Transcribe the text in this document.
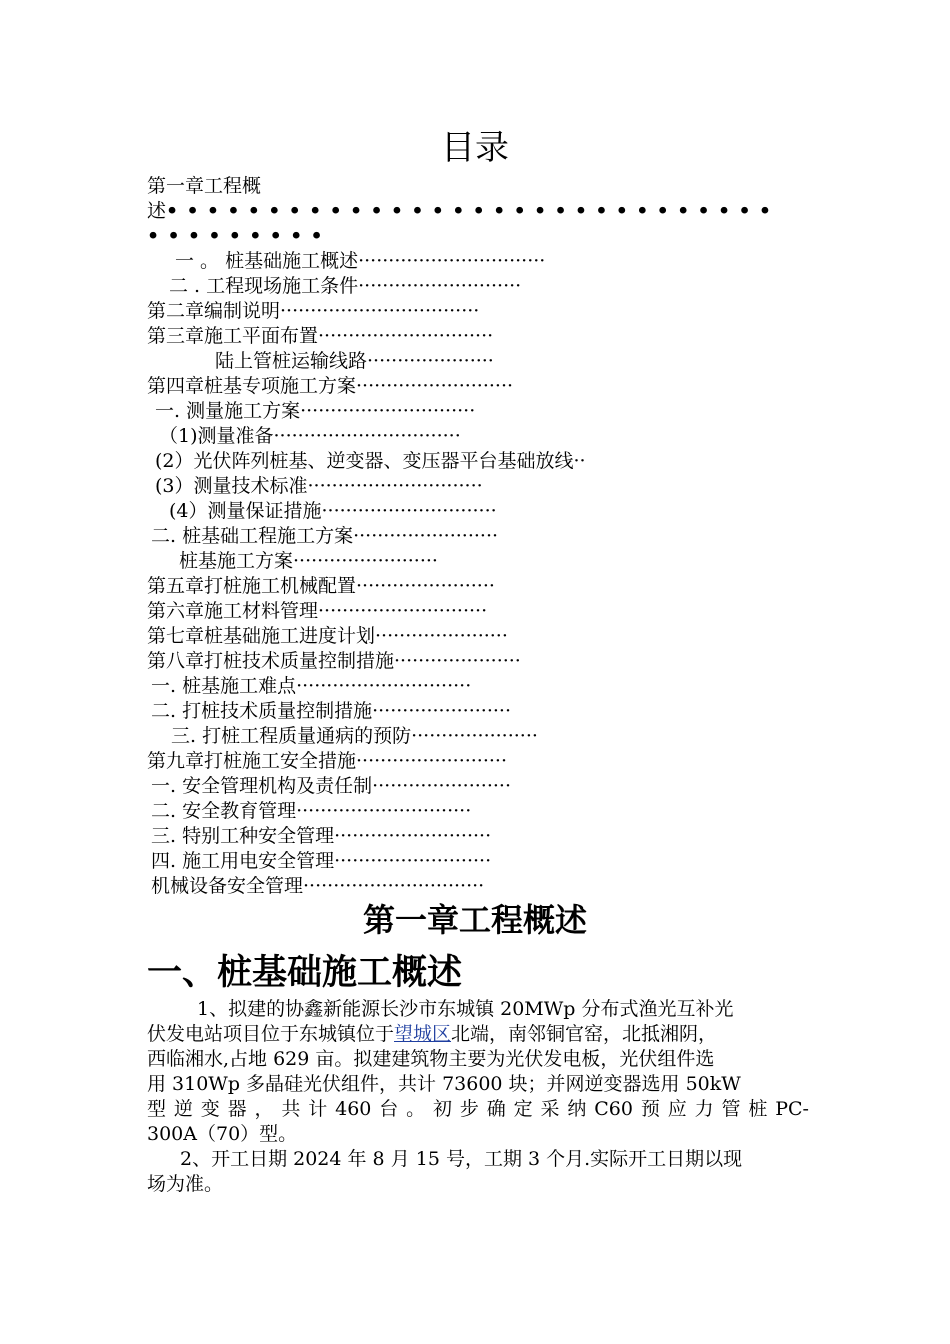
目录
第一章工程概
述••••••••••••••••••••••••••••••
•••••••••
一 。 桩基础施工概述·······························
二 . 工程现场施工条件···························
第二章编制说明·································
第三章施工平面布置·····························
陆上管桩运输线路·····················
第四章桩基专项施工方案··························
一. 测量施工方案·····························
（1)测量准备·······························
(2）光伏阵列桩基、逆变器、变压器平台基础放线··
(3）测量技术标准·····························
(4）测量保证措施·····························
二. 桩基础工程施工方案························
桩基施工方案························
第五章打桩施工机械配置·······················
第六章施工材料管理····························
第七章桩基础施工进度计划······················
第八章打桩技术质量控制措施·····················
一. 桩基施工难点·····························
二. 打桩技术质量控制措施·······················
三. 打桩工程质量通病的预防·····················
第九章打桩施工安全措施·························
一. 安全管理机构及责任制·······················
二. 安全教育管理·····························
三. 特别工种安全管理··························
四. 施工用电安全管理··························
机械设备安全管理······························
第一章工程概述
一、桩基础施工概述
1、拟建的协鑫新能源长沙市东城镇 20MWp 分布式渔光互补光
伏发电站项目位于东城镇位于望城区北端，南邻铜官窑，北抵湘阴，
西临湘水,占地 629 亩。拟建建筑物主要为光伏发电板，光伏组件选
用 310Wp 多晶硅光伏组件，共计 73600 块；并网逆变器选用 50kW
型 逆 变 器 ， 共 计 460 台 。 初 步 确 定 采 纳 C60 预 应 力 管 桩 PC-
300A（70）型。
2、开工日期 2024 年 8 月 15 号，工期 3 个月.实际开工日期以现
场为准。
